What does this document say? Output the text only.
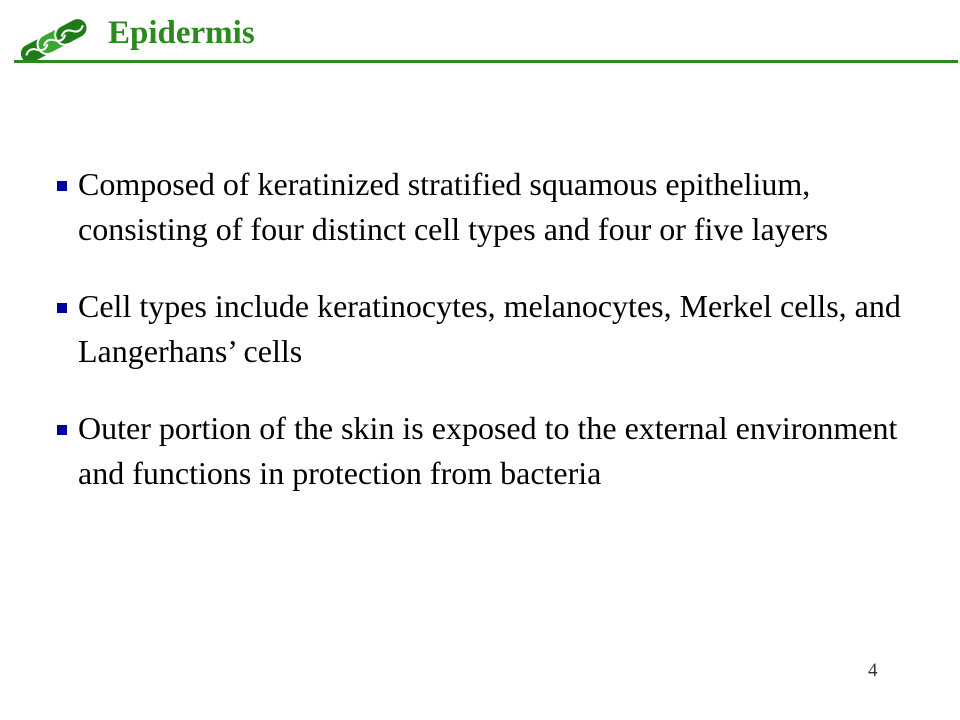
Epidermis
Composed of keratinized stratified squamous epithelium, consisting of four distinct cell types and four or five layers
Cell types include keratinocytes, melanocytes, Merkel cells, and Langerhans’ cells
Outer portion of the skin is exposed to the external environment and functions in protection from bacteria
4
